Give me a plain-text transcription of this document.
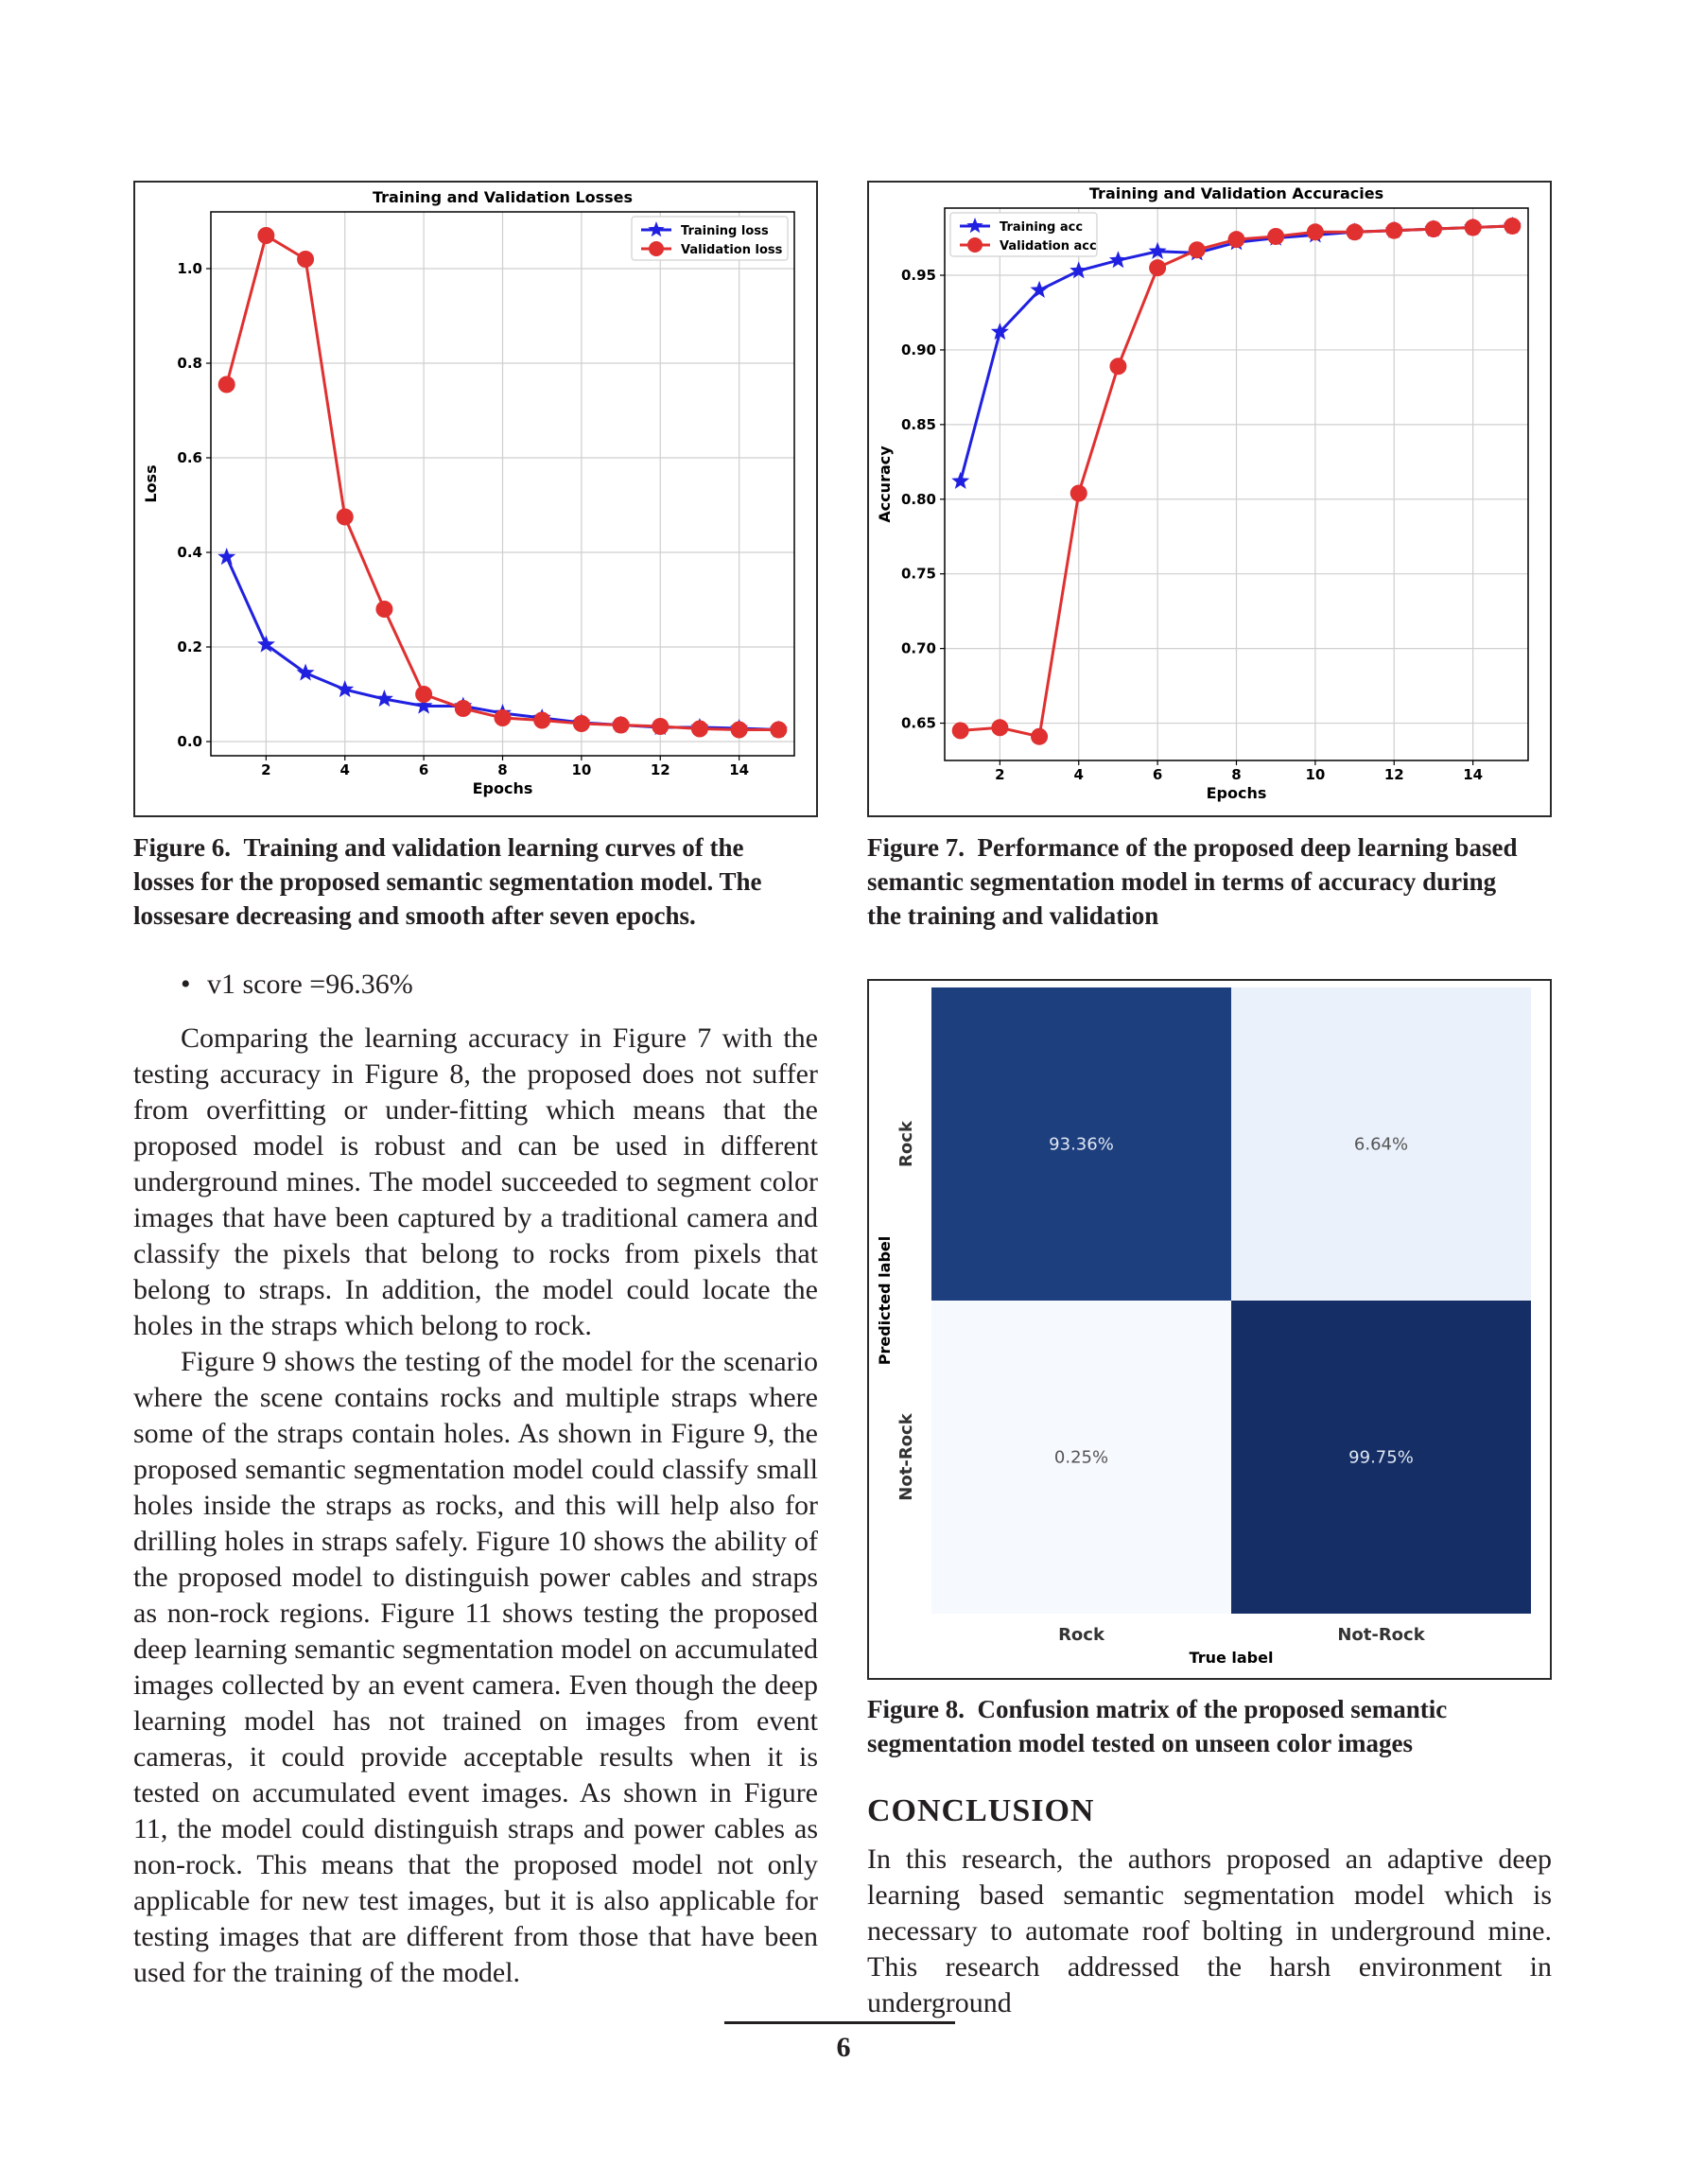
2	4	6	8	10	12	14
0.0
0.2
0.4
0.6
0.8
1.0
Training and Validation Losses
Epochs
Loss
Training loss
Validation loss
2	4	6	8	10	12	14
0.65
0.70
0.75
0.80
0.85
0.90
0.95
Training and Validation Accuracies
Epochs
Accuracy
Training acc
Validation acc
Figure 6. Training and validation learning curves of the
losses for the proposed semantic segmentation model. The
lossesare decreasing and smooth after seven epochs.
Figure 7. Performance of the proposed deep learning based
semantic segmentation model in terms of accuracy during
the training and validation
• v1 score =96.36%

Comparing the learning accuracy in Figure 7 with the testing accuracy in Figure 8, the proposed does not suffer from overfitting or under-fitting which means that the proposed model is robust and can be used in different underground mines. The model succeeded to segment color images that have been captured by a traditional camera and classify the pixels that belong to rocks from pixels that belong to straps. In addition, the model could locate the holes in the straps which belong to rock.

Figure 9 shows the testing of the model for the scenario where the scene contains rocks and multiple straps where some of the straps contain holes. As shown in Figure 9, the proposed semantic segmentation model could classify small holes inside the straps as rocks, and this will help also for drilling holes in straps safely. Figure 10 shows the ability of the proposed model to distinguish power cables and straps as non-rock regions. Figure 11 shows testing the proposed deep learning semantic segmentation model on accumulated images collected by an event camera. Even though the deep learning model has not trained on images from event cameras, it could provide acceptable results when it is tested on accumulated event images. As shown in Figure 11, the model could distinguish straps and power cables as non-rock. This means that the proposed model not only applicable for new test images, but it is also applicable for testing images that are different from those that have been used for the training of the model.

93.36%	6.64%
0.25%	99.75%
Rock	Not-Rock
Rock
Not-Rock
True label
Predicted label
Figure 8. Confusion matrix of the proposed semantic
segmentation model tested on unseen color images
CONCLUSION

In this research, the authors proposed an adaptive deep learning based semantic segmentation model which is necessary to automate roof bolting in underground mine. This research addressed the harsh environment in underground

6
